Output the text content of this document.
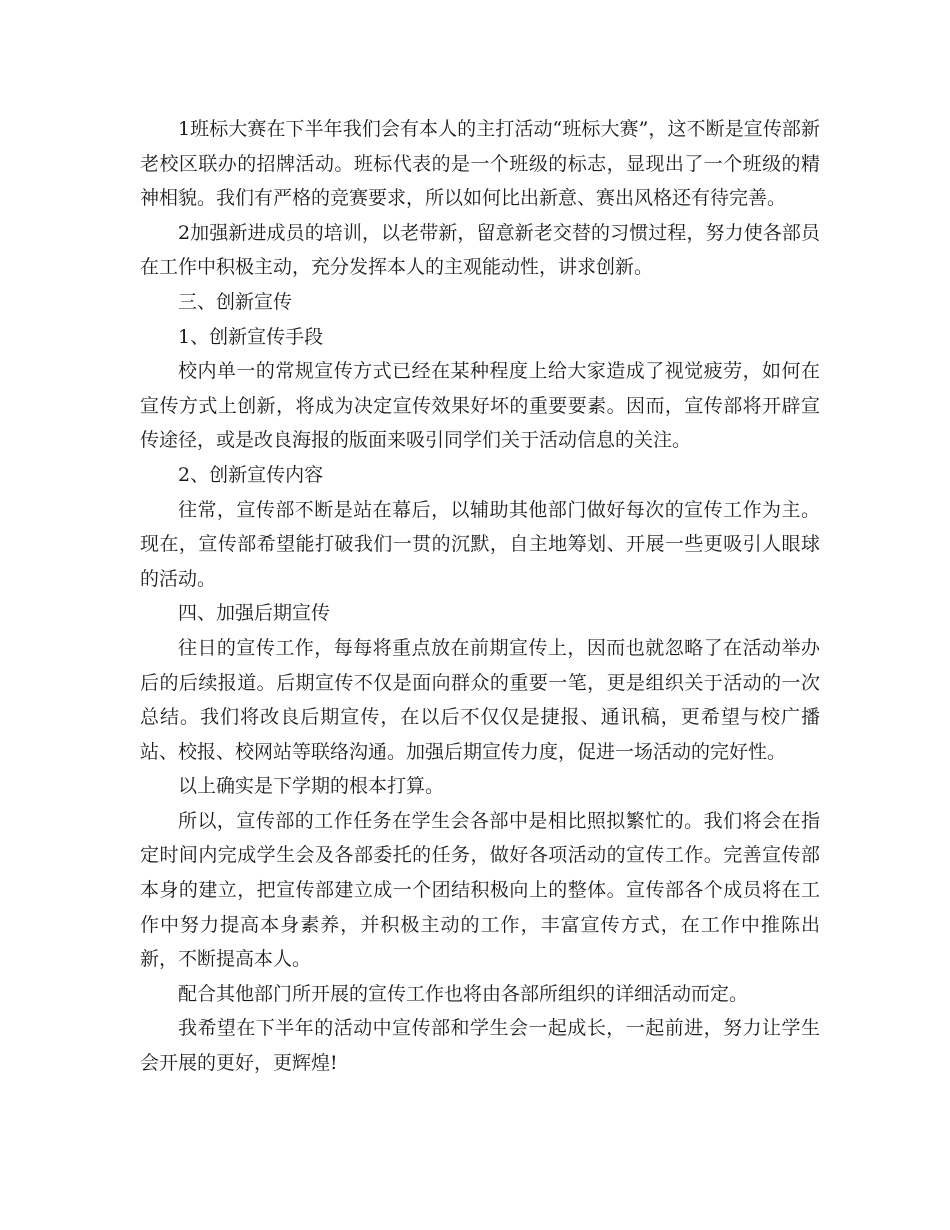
1班标大赛在下半年我们会有本人的主打活动“班标大赛”，这不断是宣传部新老校区联办的招牌活动。班标代表的是一个班级的标志，显现出了一个班级的精神相貌。我们有严格的竞赛要求，所以如何比出新意、赛出风格还有待完善。

2加强新进成员的培训，以老带新，留意新老交替的习惯过程，努力使各部员在工作中积极主动，充分发挥本人的主观能动性，讲求创新。

三、创新宣传

1、创新宣传手段

校内单一的常规宣传方式已经在某种程度上给大家造成了视觉疲劳，如何在宣传方式上创新，将成为决定宣传效果好坏的重要要素。因而，宣传部将开辟宣传途径，或是改良海报的版面来吸引同学们关于活动信息的关注。

2、创新宣传内容

往常，宣传部不断是站在幕后，以辅助其他部门做好每次的宣传工作为主。现在，宣传部希望能打破我们一贯的沉默，自主地筹划、开展一些更吸引人眼球的活动。

四、加强后期宣传

往日的宣传工作，每每将重点放在前期宣传上，因而也就忽略了在活动举办后的后续报道。后期宣传不仅是面向群众的重要一笔，更是组织关于活动的一次总结。我们将改良后期宣传，在以后不仅仅是捷报、通讯稿，更希望与校广播站、校报、校网站等联络沟通。加强后期宣传力度，促进一场活动的完好性。

以上确实是下学期的根本打算。

所以，宣传部的工作任务在学生会各部中是相比照拟繁忙的。我们将会在指定时间内完成学生会及各部委托的任务，做好各项活动的宣传工作。完善宣传部本身的建立，把宣传部建立成一个团结积极向上的整体。宣传部各个成员将在工作中努力提高本身素养，并积极主动的工作，丰富宣传方式，在工作中推陈出新，不断提高本人。

配合其他部门所开展的宣传工作也将由各部所组织的详细活动而定。

我希望在下半年的活动中宣传部和学生会一起成长，一起前进，努力让学生会开展的更好，更辉煌!
